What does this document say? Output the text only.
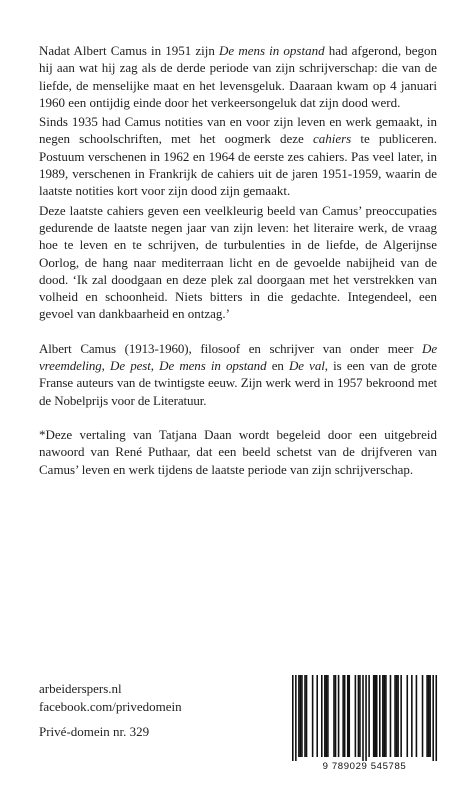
Nadat Albert Camus in 1951 zijn De mens in opstand had afgerond, begon hij aan wat hij zag als de derde periode van zijn schrijverschap: die van de liefde, de menselijke maat en het levensgeluk. Daaraan kwam op 4 januari 1960 een ontijdig einde door het verkeersongeluk dat zijn dood werd.

Sinds 1935 had Camus notities van en voor zijn leven en werk gemaakt, in negen schoolschriften, met het oogmerk deze cahiers te publiceren. Postuum verschenen in 1962 en 1964 de eerste zes cahiers. Pas veel later, in 1989, verschenen in Frankrijk de cahiers uit de jaren 1951-1959, waarin de laatste notities kort voor zijn dood zijn gemaakt.

Deze laatste cahiers geven een veelkleurig beeld van Camus’ preoccupaties gedurende de laatste negen jaar van zijn leven: het literaire werk, de vraag hoe te leven en te schrijven, de turbulenties in de liefde, de Algerijnse Oorlog, de hang naar mediterraan licht en de gevoelde nabijheid van de dood. ‘Ik zal doodgaan en deze plek zal doorgaan met het verstrekken van volheid en schoonheid. Niets bitters in die gedachte. Integendeel, een gevoel van dankbaarheid en ontzag.’

Albert Camus (1913-1960), filosoof en schrijver van onder meer De vreemdeling, De pest, De mens in opstand en De val, is een van de grote Franse auteurs van de twintigste eeuw. Zijn werk werd in 1957 bekroond met de Nobelprijs voor de Literatuur.

*Deze vertaling van Tatjana Daan wordt begeleid door een uitgebreid nawoord van René Puthaar, dat een beeld schetst van de drijfveren van Camus’ leven en werk tijdens de laatste periode van zijn schrijverschap.

arbeiderspers.nl
facebook.com/privedomein
Privé-domein nr. 329
9 789029 545785
